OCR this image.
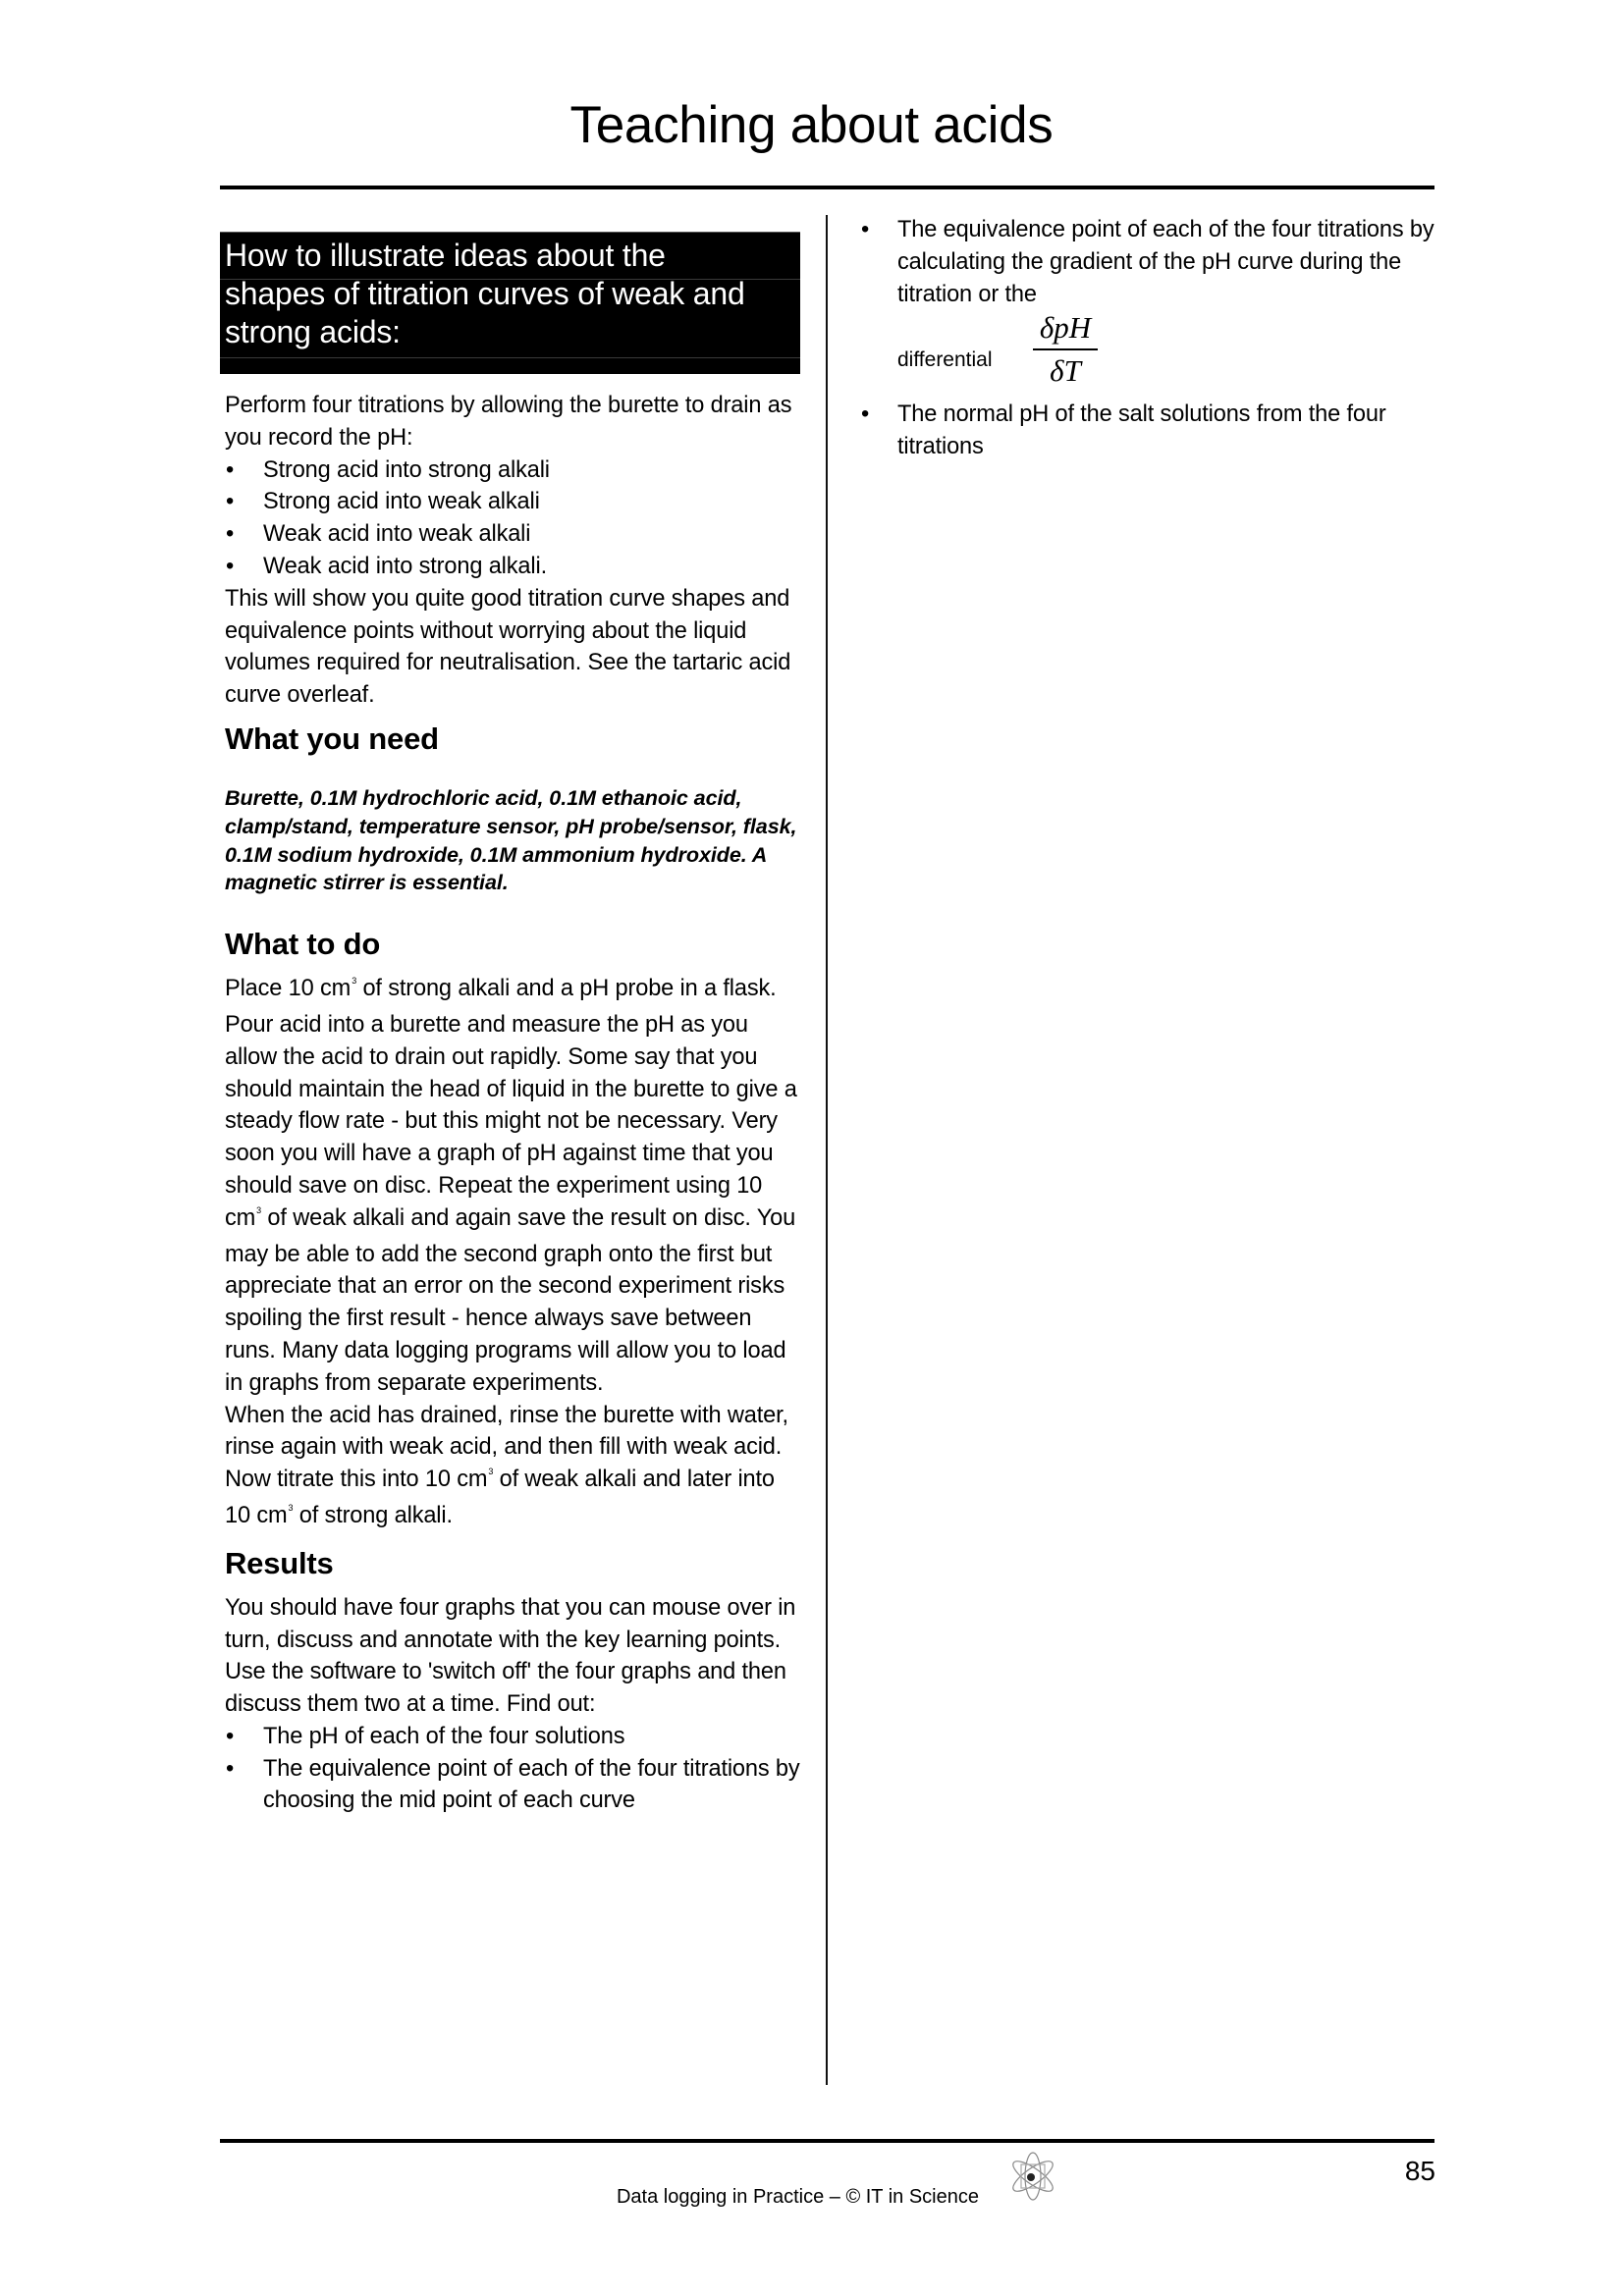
Teaching about acids
How to illustrate ideas about the
shapes of titration curves of weak and
strong acids:

Perform four titrations by allowing the burette to drain as you record the pH:

• Strong acid into strong alkali
• Strong acid into weak alkali
• Weak acid into weak alkali
• Weak acid into strong alkali.

This will show you quite good titration curve shapes and equivalence points without worrying about the liquid volumes required for neutralisation. See the tartaric acid curve overleaf.

What you need

Burette, 0.1M hydrochloric acid, 0.1M ethanoic acid, clamp/stand, temperature sensor, pH probe/sensor, flask, 0.1M sodium hydroxide, 0.1M ammonium hydroxide. A magnetic stirrer is essential.

What to do

Place 10 $cm^3$ of strong alkali and a pH probe in a flask. Pour acid into a burette and measure the pH as you allow the acid to drain out rapidly. Some say that you should maintain the head of liquid in the burette to give a steady flow rate - but this might not be necessary. Very soon you will have a graph of pH against time that you should save on disc. Repeat the experiment using 10 $cm^3$ of weak alkali and again save the result on disc. You may be able to add the second graph onto the first but appreciate that an error on the second experiment risks spoiling the first result - hence always save between runs. Many data logging programs will allow you to load in graphs from separate experiments.

When the acid has drained, rinse the burette with water, rinse again with weak acid, and then fill with weak acid. Now titrate this into 10 $cm^3$ of weak alkali and later into 10 $cm^3$ of strong alkali.

Results

You should have four graphs that you can mouse over in turn, discuss and annotate with the key learning points. Use the software to 'switch off' the four graphs and then discuss them two at a time. Find out:

• The pH of each of the four solutions
• The equivalence point of each of the four titrations by choosing the mid point of each curve
• The equivalence point of each of the four titrations by calculating the gradient of the pH curve during the titration or the
differential
δpH
δT
• The normal pH of the salt solutions from the four titrations
Data logging in Practice – © IT in Science
85
